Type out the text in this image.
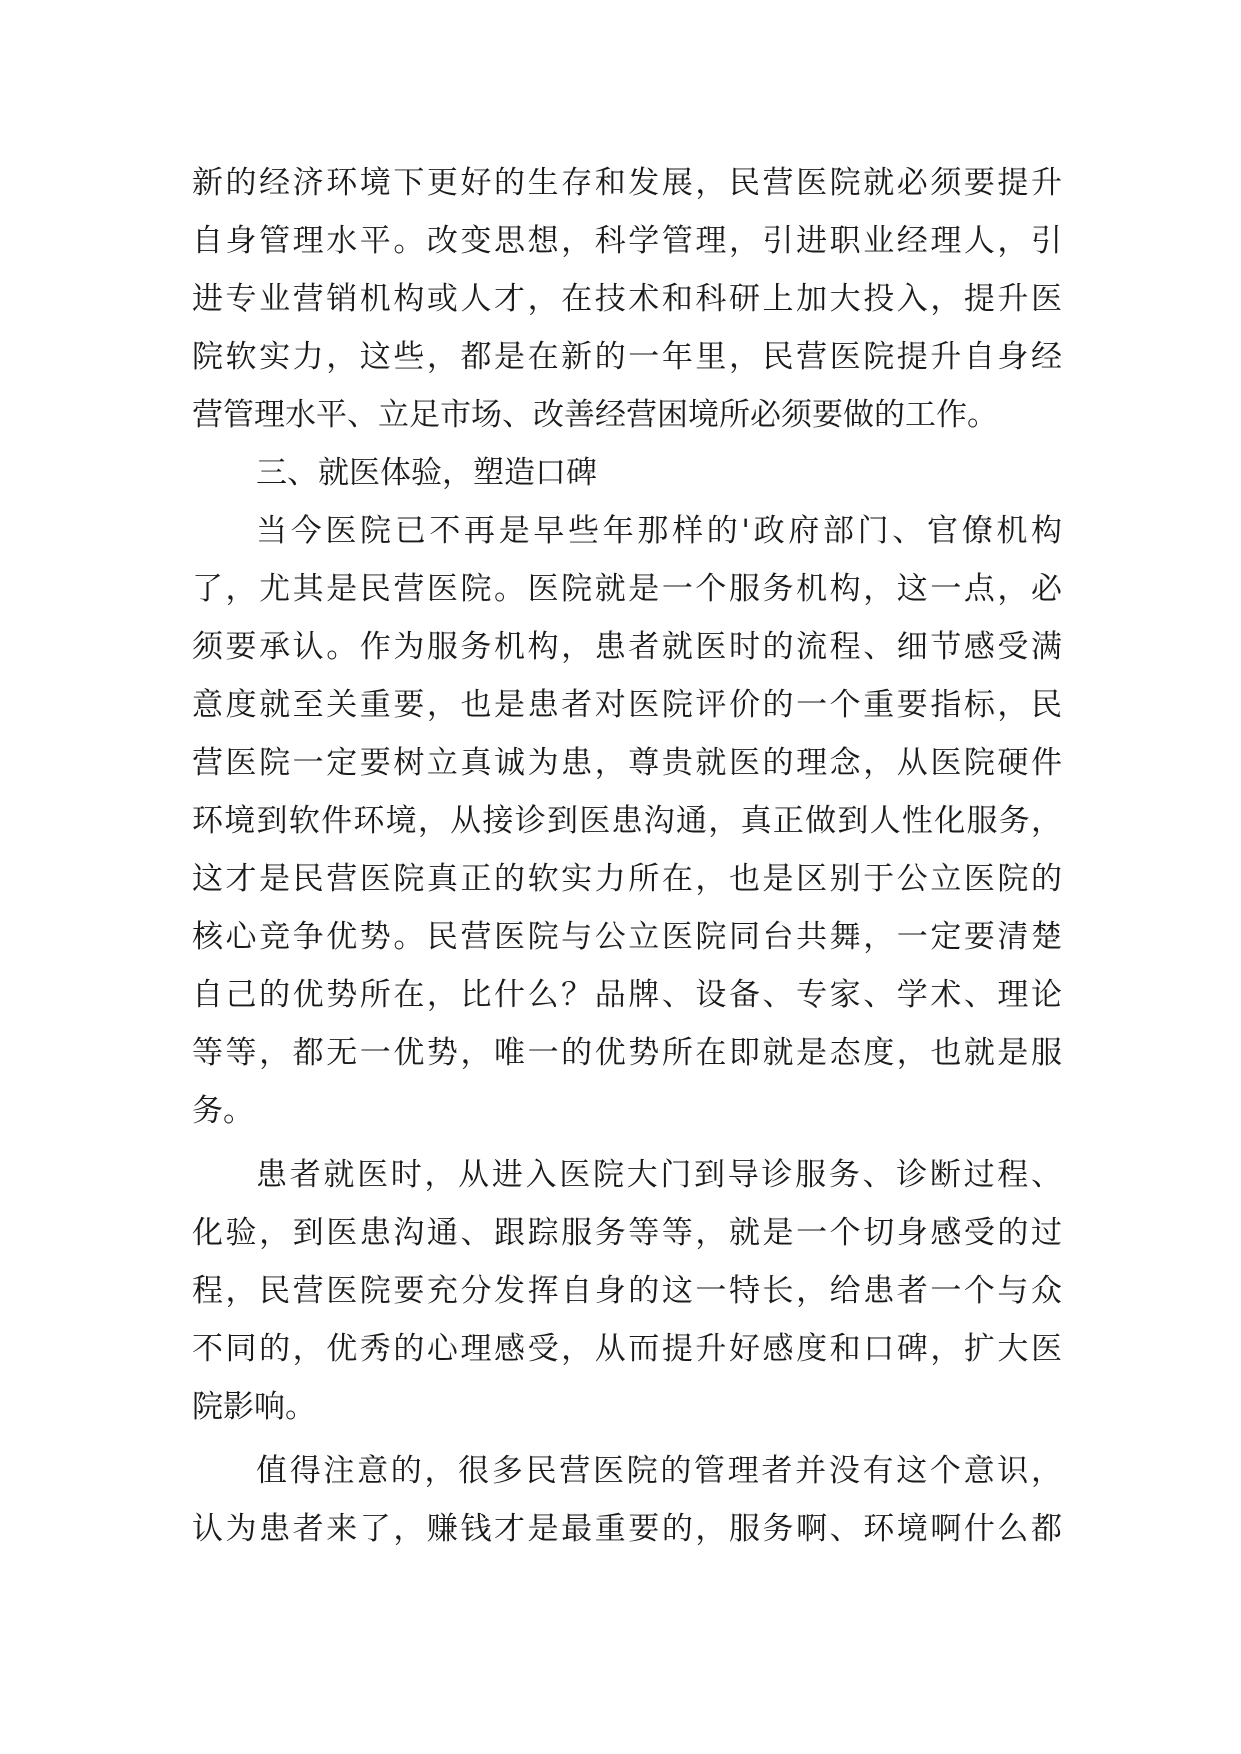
新的经济环境下更好的生存和发展，民营医院就必须要提升
自身管理水平。改变思想，科学管理，引进职业经理人，引
进专业营销机构或人才，在技术和科研上加大投入，提升医
院软实力，这些，都是在新的一年里，民营医院提升自身经
营管理水平、立足市场、改善经营困境所必须要做的工作。
三、就医体验，塑造口碑
当今医院已不再是早些年那样的'政府部门、官僚机构
了，尤其是民营医院。医院就是一个服务机构，这一点，必
须要承认。作为服务机构，患者就医时的流程、细节感受满
意度就至关重要，也是患者对医院评价的一个重要指标，民
营医院一定要树立真诚为患，尊贵就医的理念，从医院硬件
环境到软件环境，从接诊到医患沟通，真正做到人性化服务，
这才是民营医院真正的软实力所在，也是区别于公立医院的
核心竞争优势。民营医院与公立医院同台共舞，一定要清楚
自己的优势所在，比什么？品牌、设备、专家、学术、理论
等等，都无一优势，唯一的优势所在即就是态度，也就是服
务。
患者就医时，从进入医院大门到导诊服务、诊断过程、
化验，到医患沟通、跟踪服务等等，就是一个切身感受的过
程，民营医院要充分发挥自身的这一特长，给患者一个与众
不同的，优秀的心理感受，从而提升好感度和口碑，扩大医
院影响。
值得注意的，很多民营医院的管理者并没有这个意识，
认为患者来了，赚钱才是最重要的，服务啊、环境啊什么都
